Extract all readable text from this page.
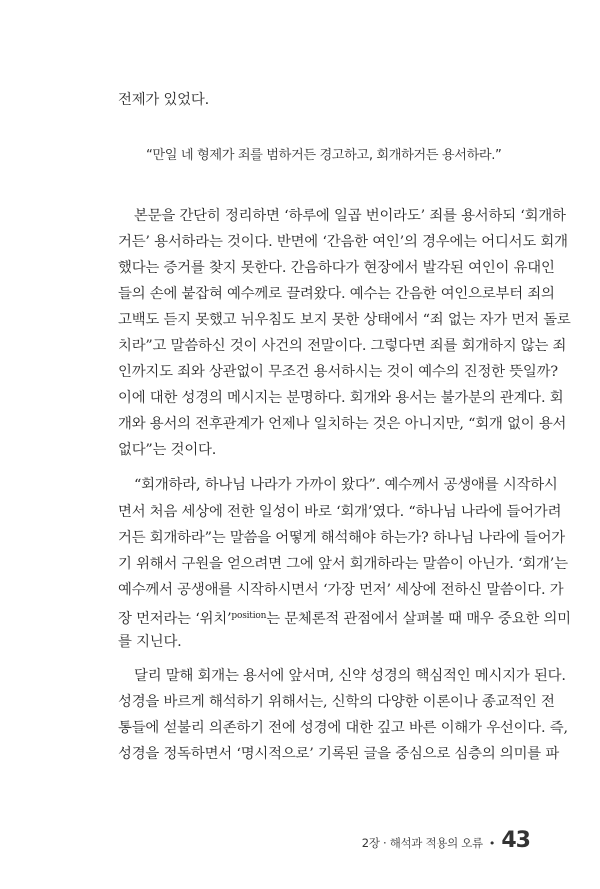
전제가 있었다.
“만일 네 형제가 죄를 범하거든 경고하고, 회개하거든 용서하라.”
본문을 간단히 정리하면 ‘하루에 일곱 번이라도’ 죄를 용서하되 ‘회개하
거든’ 용서하라는 것이다. 반면에 ‘간음한 여인’의 경우에는 어디서도 회개
했다는 증거를 찾지 못한다. 간음하다가 현장에서 발각된 여인이 유대인
들의 손에 붙잡혀 예수께로 끌려왔다. 예수는 간음한 여인으로부터 죄의
고백도 듣지 못했고 뉘우침도 보지 못한 상태에서 “죄 없는 자가 먼저 돌로
치라”고 말씀하신 것이 사건의 전말이다. 그렇다면 죄를 회개하지 않는 죄
인까지도 죄와 상관없이 무조건 용서하시는 것이 예수의 진정한 뜻일까?
이에 대한 성경의 메시지는 분명하다. 회개와 용서는 불가분의 관계다. 회
개와 용서의 전후관계가 언제나 일치하는 것은 아니지만, “회개 없이 용서
없다”는 것이다.
“회개하라, 하나님 나라가 가까이 왔다”. 예수께서 공생애를 시작하시
면서 처음 세상에 전한 일성이 바로 ‘회개’였다. “하나님 나라에 들어가려
거든 회개하라”는 말씀을 어떻게 해석해야 하는가? 하나님 나라에 들어가
기 위해서 구원을 얻으려면 그에 앞서 회개하라는 말씀이 아닌가. ‘회개’는
예수께서 공생애를 시작하시면서 ‘가장 먼저’ 세상에 전하신 말씀이다. 가
장 먼저라는 ‘위치’$^{position}$는 문체론적 관점에서 살펴볼 때 매우 중요한 의미
를 지닌다.
달리 말해 회개는 용서에 앞서며, 신약 성경의 핵심적인 메시지가 된다.
성경을 바르게 해석하기 위해서는, 신학의 다양한 이론이나 종교적인 전
통들에 섣불리 의존하기 전에 성경에 대한 깊고 바른 이해가 우선이다. 즉,
성경을 정독하면서 ‘명시적으로’ 기록된 글을 중심으로 심층의 의미를 파
2장 · 해석과 적용의 오류 • 43
